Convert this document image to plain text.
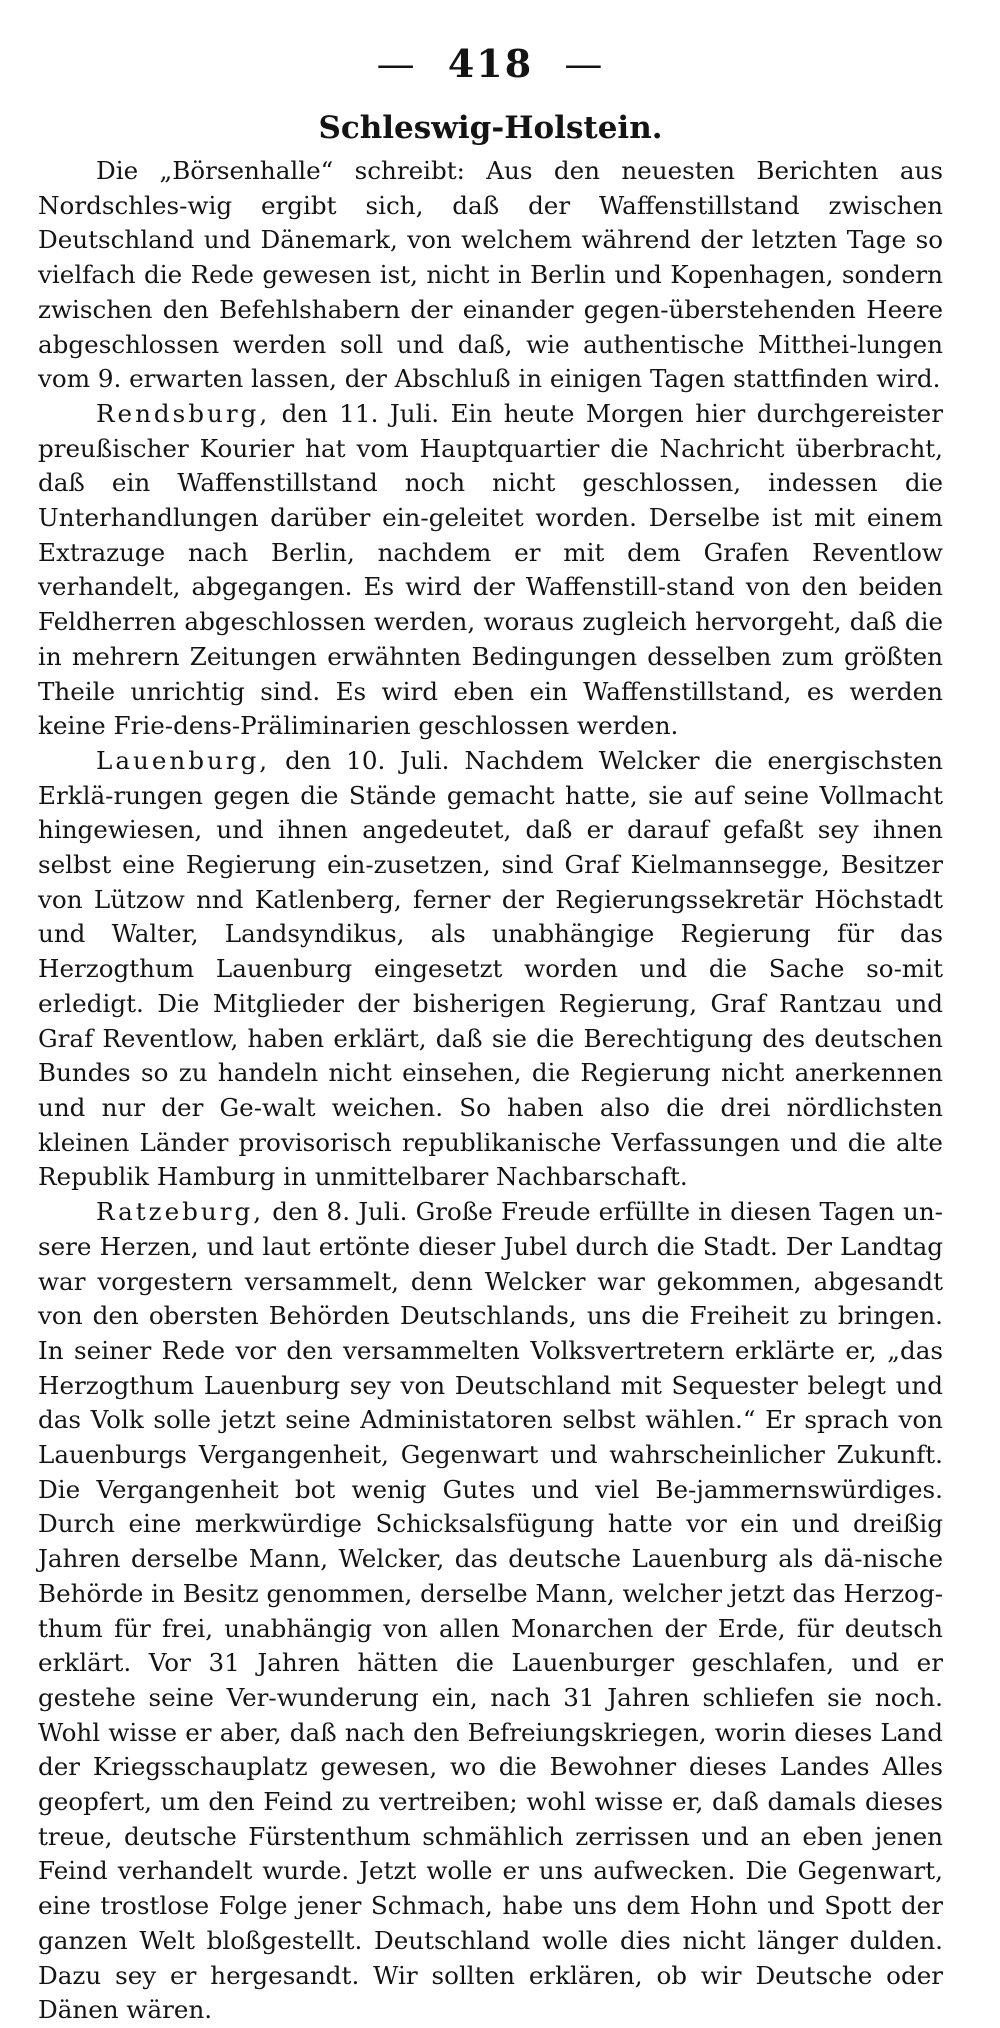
— 418 —
Schleswig-Holstein.

Die „Börsenhalle“ schreibt: Aus den neuesten Berichten aus Nordschles-wig ergibt sich, daß der Waffenstillstand zwischen Deutschland und Dänemark, von welchem während der letzten Tage so vielfach die Rede gewesen ist, nicht in Berlin und Kopenhagen, sondern zwischen den Befehlshabern der einander gegen-überstehenden Heere abgeschlossen werden soll und daß, wie authentische Mitthei-lungen vom 9. erwarten lassen, der Abschluß in einigen Tagen stattfinden wird.

Rendsburg, den 11. Juli. Ein heute Morgen hier durchgereister preußischer Kourier hat vom Hauptquartier die Nachricht überbracht, daß ein Waffenstillstand noch nicht geschlossen, indessen die Unterhandlungen darüber ein-geleitet worden. Derselbe ist mit einem Extrazuge nach Berlin, nachdem er mit dem Grafen Reventlow verhandelt, abgegangen. Es wird der Waffenstill-stand von den beiden Feldherren abgeschlossen werden, woraus zugleich hervorgeht, daß die in mehrern Zeitungen erwähnten Bedingungen desselben zum größten Theile unrichtig sind. Es wird eben ein Waffenstillstand, es werden keine Frie-dens-Präliminarien geschlossen werden.

Lauenburg, den 10. Juli. Nachdem Welcker die energischsten Erklä-rungen gegen die Stände gemacht hatte, sie auf seine Vollmacht hingewiesen, und ihnen angedeutet, daß er darauf gefaßt sey ihnen selbst eine Regierung ein-zusetzen, sind Graf Kielmannsegge, Besitzer von Lützow nnd Katlenberg, ferner der Regierungssekretär Höchstadt und Walter, Landsyndikus, als unabhängige Regierung für das Herzogthum Lauenburg eingesetzt worden und die Sache so-mit erledigt. Die Mitglieder der bisherigen Regierung, Graf Rantzau und Graf Reventlow, haben erklärt, daß sie die Berechtigung des deutschen Bundes so zu handeln nicht einsehen, die Regierung nicht anerkennen und nur der Ge-walt weichen. So haben also die drei nördlichsten kleinen Länder provisorisch republikanische Verfassungen und die alte Republik Hamburg in unmittelbarer Nachbarschaft.

Ratzeburg, den 8. Juli. Große Freude erfüllte in diesen Tagen un-sere Herzen, und laut ertönte dieser Jubel durch die Stadt. Der Landtag war vorgestern versammelt, denn Welcker war gekommen, abgesandt von den obersten Behörden Deutschlands, uns die Freiheit zu bringen. In seiner Rede vor den versammelten Volksvertretern erklärte er, „das Herzogthum Lauenburg sey von Deutschland mit Sequester belegt und das Volk solle jetzt seine Administatoren selbst wählen.“ Er sprach von Lauenburgs Vergangenheit, Gegenwart und wahrscheinlicher Zukunft. Die Vergangenheit bot wenig Gutes und viel Be-jammernswürdiges. Durch eine merkwürdige Schicksalsfügung hatte vor ein und dreißig Jahren derselbe Mann, Welcker, das deutsche Lauenburg als dä-nische Behörde in Besitz genommen, derselbe Mann, welcher jetzt das Herzog-thum für frei, unabhängig von allen Monarchen der Erde, für deutsch erklärt. Vor 31 Jahren hätten die Lauenburger geschlafen, und er gestehe seine Ver-wunderung ein, nach 31 Jahren schliefen sie noch. Wohl wisse er aber, daß nach den Befreiungskriegen, worin dieses Land der Kriegsschauplatz gewesen, wo die Bewohner dieses Landes Alles geopfert, um den Feind zu vertreiben; wohl wisse er, daß damals dieses treue, deutsche Fürstenthum schmählich zerrissen und an eben jenen Feind verhandelt wurde. Jetzt wolle er uns aufwecken. Die Gegenwart, eine trostlose Folge jener Schmach, habe uns dem Hohn und Spott der ganzen Welt bloßgestellt. Deutschland wolle dies nicht länger dulden. Dazu sey er hergesandt. Wir sollten erklären, ob wir Deutsche oder Dänen wären.
